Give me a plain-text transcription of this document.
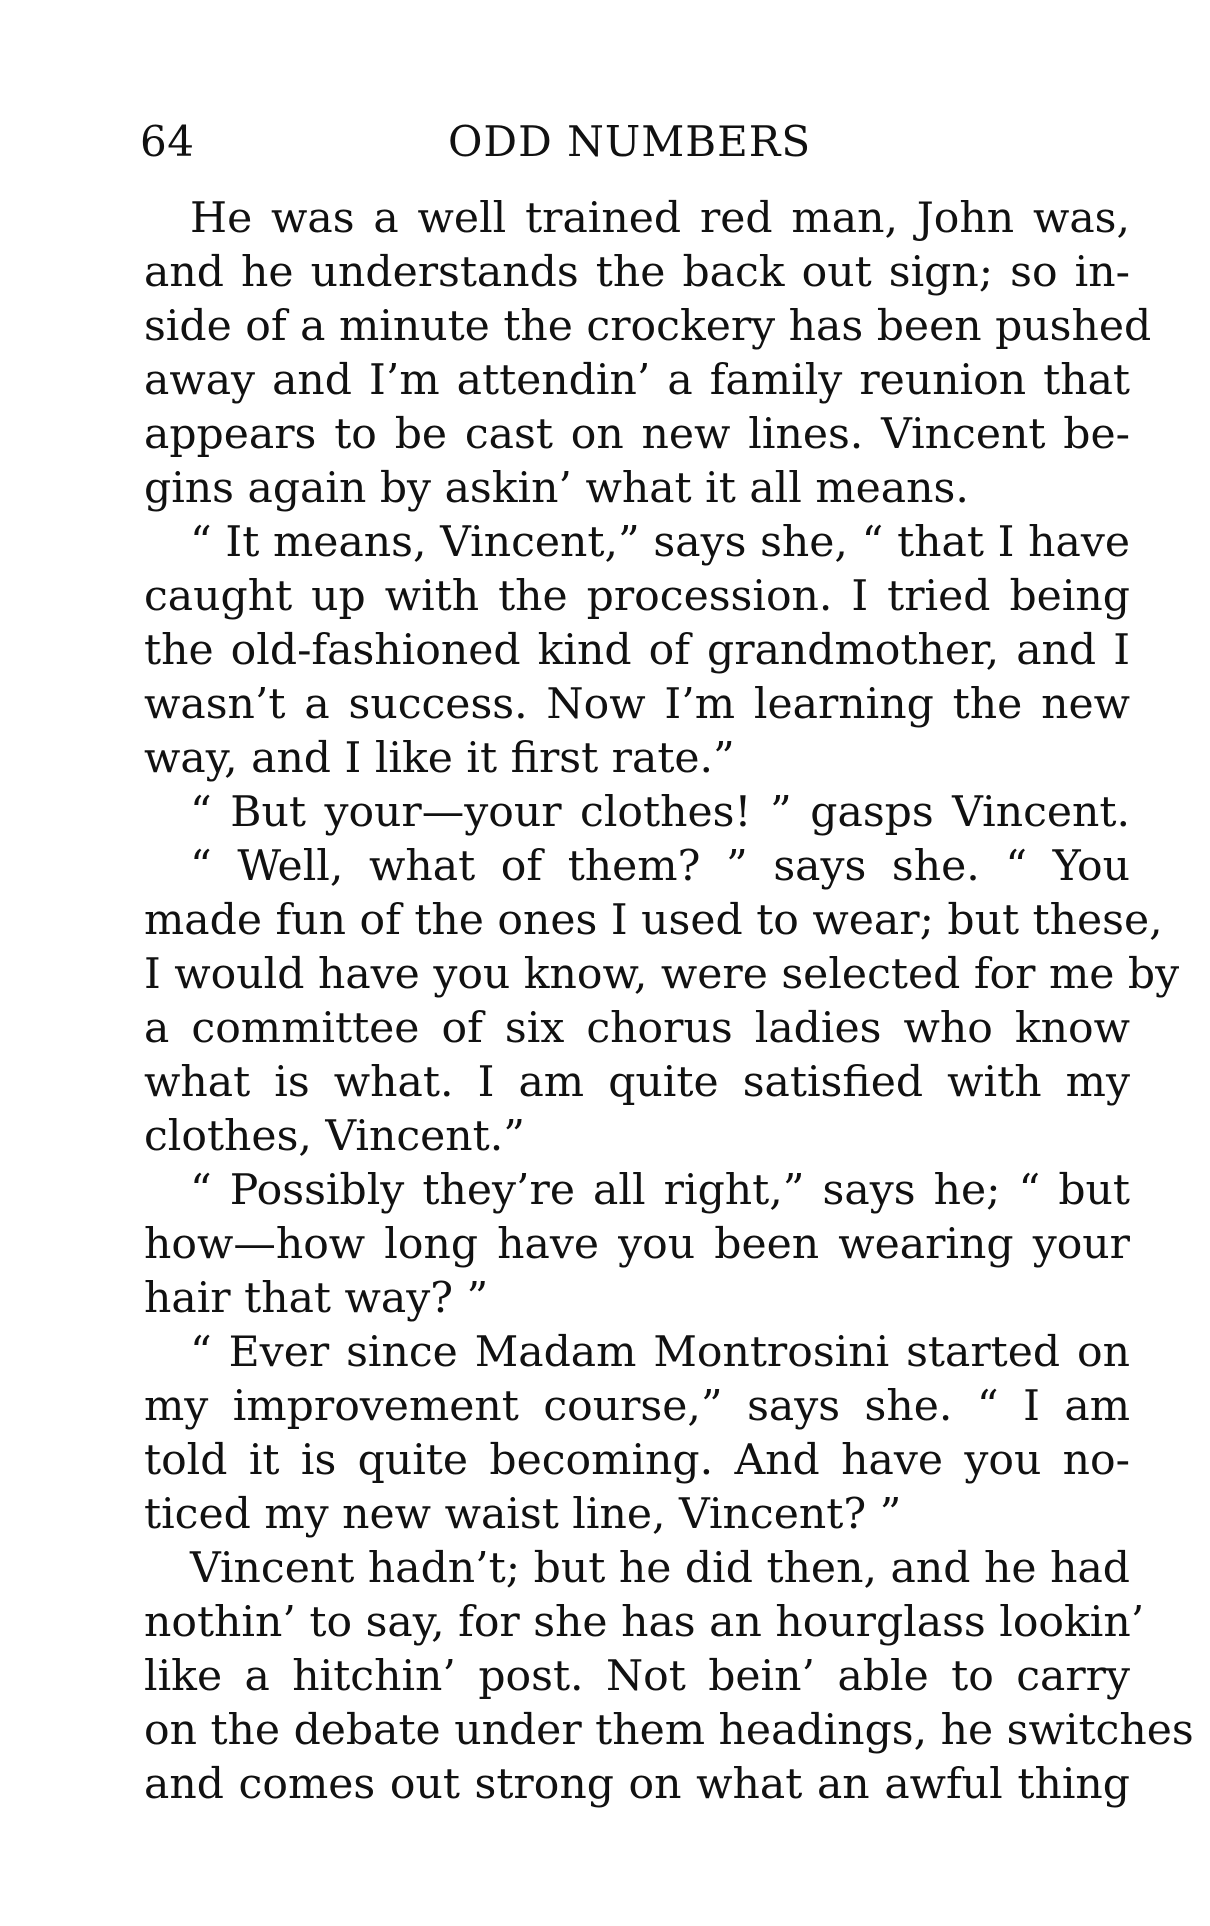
64	ODD NUMBERS
He was a well trained red man, John was,
and he understands the back out sign; so in-
side of a minute the crockery has been pushed
away and I’m attendin’ a family reunion that
appears to be cast on new lines. Vincent be-
gins again by askin’ what it all means.
“ It means, Vincent,” says she, “ that I have
caught up with the procession. I tried being
the old-fashioned kind of grandmother, and I
wasn’t a success. Now I’m learning the new
way, and I like it first rate.”
“ But your—your clothes! ” gasps Vincent.
“ Well, what of them? ” says she. “ You
made fun of the ones I used to wear; but these,
I would have you know, were selected for me by
a committee of six chorus ladies who know
what is what. I am quite satisfied with my
clothes, Vincent.”
“ Possibly they’re all right,” says he; “ but
how—how long have you been wearing your
hair that way? ”
“ Ever since Madam Montrosini started on
my improvement course,” says she. “ I am
told it is quite becoming. And have you no-
ticed my new waist line, Vincent? ”
Vincent hadn’t; but he did then, and he had
nothin’ to say, for she has an hourglass lookin’
like a hitchin’ post. Not bein’ able to carry
on the debate under them headings, he switches
and comes out strong on what an awful thing
